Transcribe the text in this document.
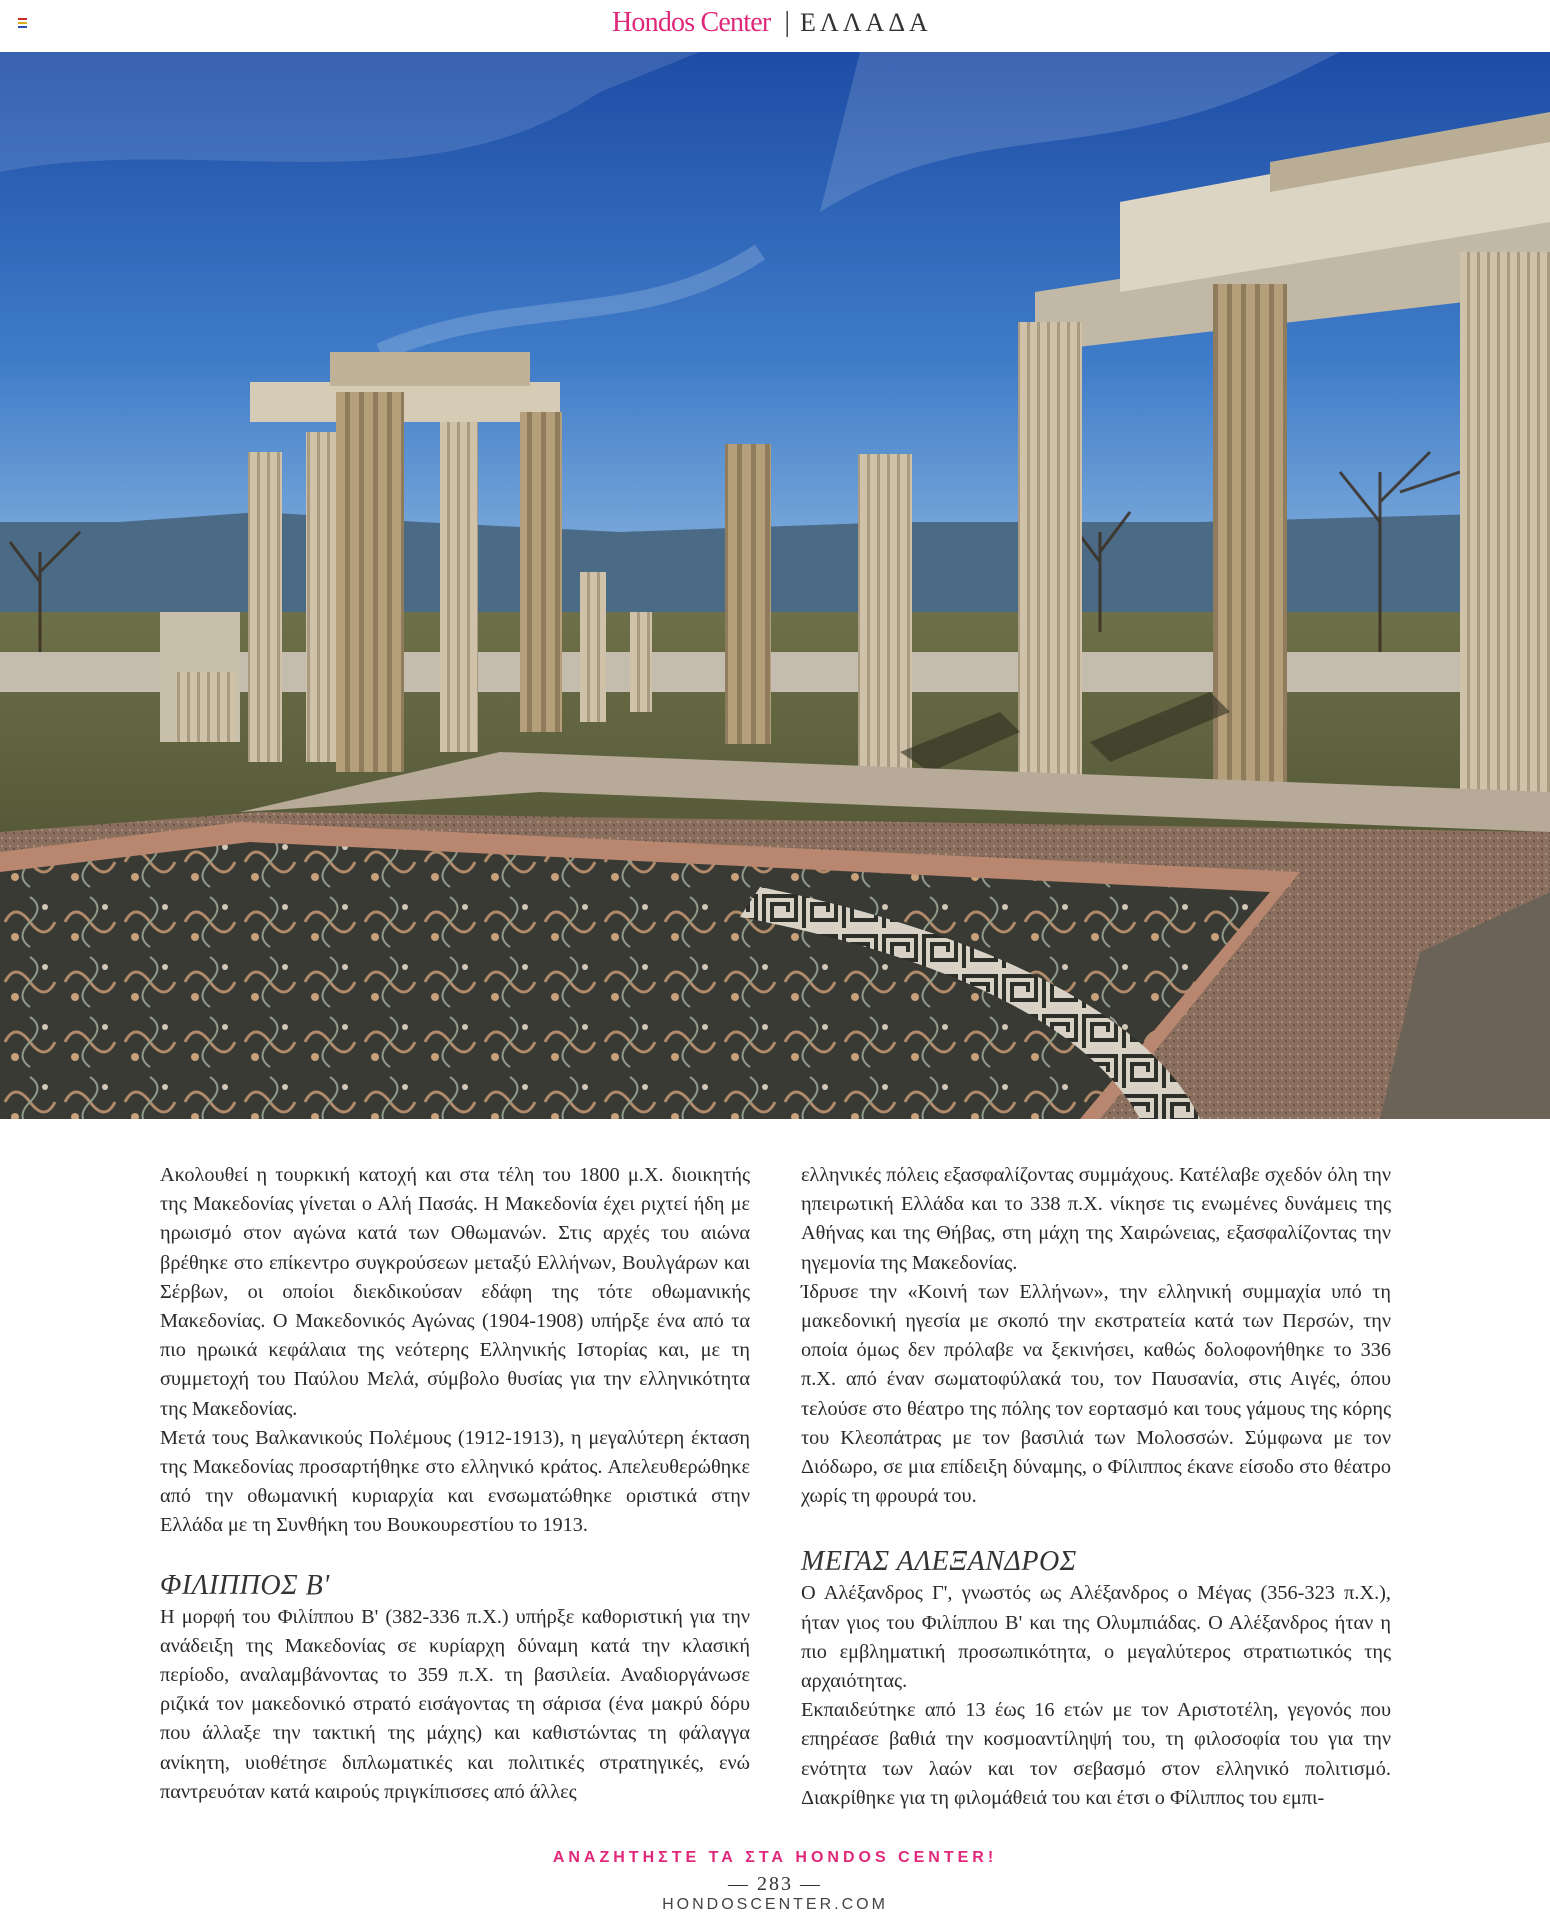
Hondos Center | ΕΛΛΑΔΑ

Ακολουθεί η τουρκική κατοχή και στα τέλη του 1800 μ.Χ. διοικητής της Μακεδονίας γίνεται ο Αλή Πασάς. Η Μακεδονία έχει ριχτεί ήδη με ηρωισμό στον αγώνα κατά των Οθωμανών. Στις αρχές του αιώνα βρέθηκε στο επίκεντρο συγκρούσεων μεταξύ Ελλήνων, Βουλγάρων και Σέρβων, οι οποίοι διεκδικούσαν εδάφη της τότε οθωμανικής Μακεδονίας. Ο Μακεδονικός Αγώνας (1904-1908) υπήρξε ένα από τα πιο ηρωικά κεφάλαια της νεότερης Ελληνικής Ιστορίας και, με τη συμμετοχή του Παύλου Μελά, σύμβολο θυσίας για την ελληνικότητα της Μακεδονίας.

Μετά τους Βαλκανικούς Πολέμους (1912-1913), η μεγαλύτερη έκταση της Μακεδονίας προσαρτήθηκε στο ελληνικό κράτος. Απελευθερώθηκε από την οθωμανική κυριαρχία και ενσωματώθηκε οριστικά στην Ελλάδα με τη Συνθήκη του Βουκουρεστίου το 1913.

ΦΙΛΙΠΠΟΣ Β'

Η μορφή του Φιλίππου Β' (382-336 π.Χ.) υπήρξε καθοριστική για την ανάδειξη της Μακεδονίας σε κυρίαρχη δύναμη κατά την κλασική περίοδο, αναλαμβάνοντας το 359 π.Χ. τη βασιλεία. Αναδιοργάνωσε ριζικά τον μακεδονικό στρατό εισάγοντας τη σάρισα (ένα μακρύ δόρυ που άλλαξε την τακτική της μάχης) και καθιστώντας τη φάλαγγα ανίκητη, υιοθέτησε διπλωματικές και πολιτικές στρατηγικές, ενώ παντρευόταν κατά καιρούς πριγκίπισσες από άλλες

ελληνικές πόλεις εξασφαλίζοντας συμμάχους. Κατέλαβε σχεδόν όλη την ηπειρωτική Ελλάδα και το 338 π.Χ. νίκησε τις ενωμένες δυνάμεις της Αθήνας και της Θήβας, στη μάχη της Χαιρώνειας, εξασφαλίζοντας την ηγεμονία της Μακεδονίας.

Ίδρυσε την «Κοινή των Ελλήνων», την ελληνική συμμαχία υπό τη μακεδονική ηγεσία με σκοπό την εκστρατεία κατά των Περσών, την οποία όμως δεν πρόλαβε να ξεκινήσει, καθώς δολοφονήθηκε το 336 π.Χ. από έναν σωματοφύλακά του, τον Παυσανία, στις Αιγές, όπου τελούσε στο θέατρο της πόλης τον εορτασμό και τους γάμους της κόρης του Κλεοπάτρας με τον βασιλιά των Μολοσσών. Σύμφωνα με τον Διόδωρο, σε μια επίδειξη δύναμης, ο Φίλιππος έκανε είσοδο στο θέατρο χωρίς τη φρουρά του.

ΜΕΓΑΣ ΑΛΕΞΑΝΔΡΟΣ

Ο Αλέξανδρος Γ', γνωστός ως Αλέξανδρος ο Μέγας (356-323 π.Χ.), ήταν γιος του Φιλίππου Β' και της Ολυμπιάδας. Ο Αλέξανδρος ήταν η πιο εμβληματική προσωπικότητα, ο μεγαλύτερος στρατιωτικός της αρχαιότητας.

Εκπαιδεύτηκε από 13 έως 16 ετών με τον Αριστοτέλη, γεγονός που επηρέασε βαθιά την κοσμοαντίληψή του, τη φιλοσοφία του για την ενότητα των λαών και τον σεβασμό στον ελληνικό πολιτισμό. Διακρίθηκε για τη φιλομάθειά του και έτσι ο Φίλιππος του εμπι-

ΑΝΑΖΗΤΗΣΤΕ ΤΑ ΣΤΑ HONDOS CENTER!
— 283 —
HONDOSCENTER.COM
